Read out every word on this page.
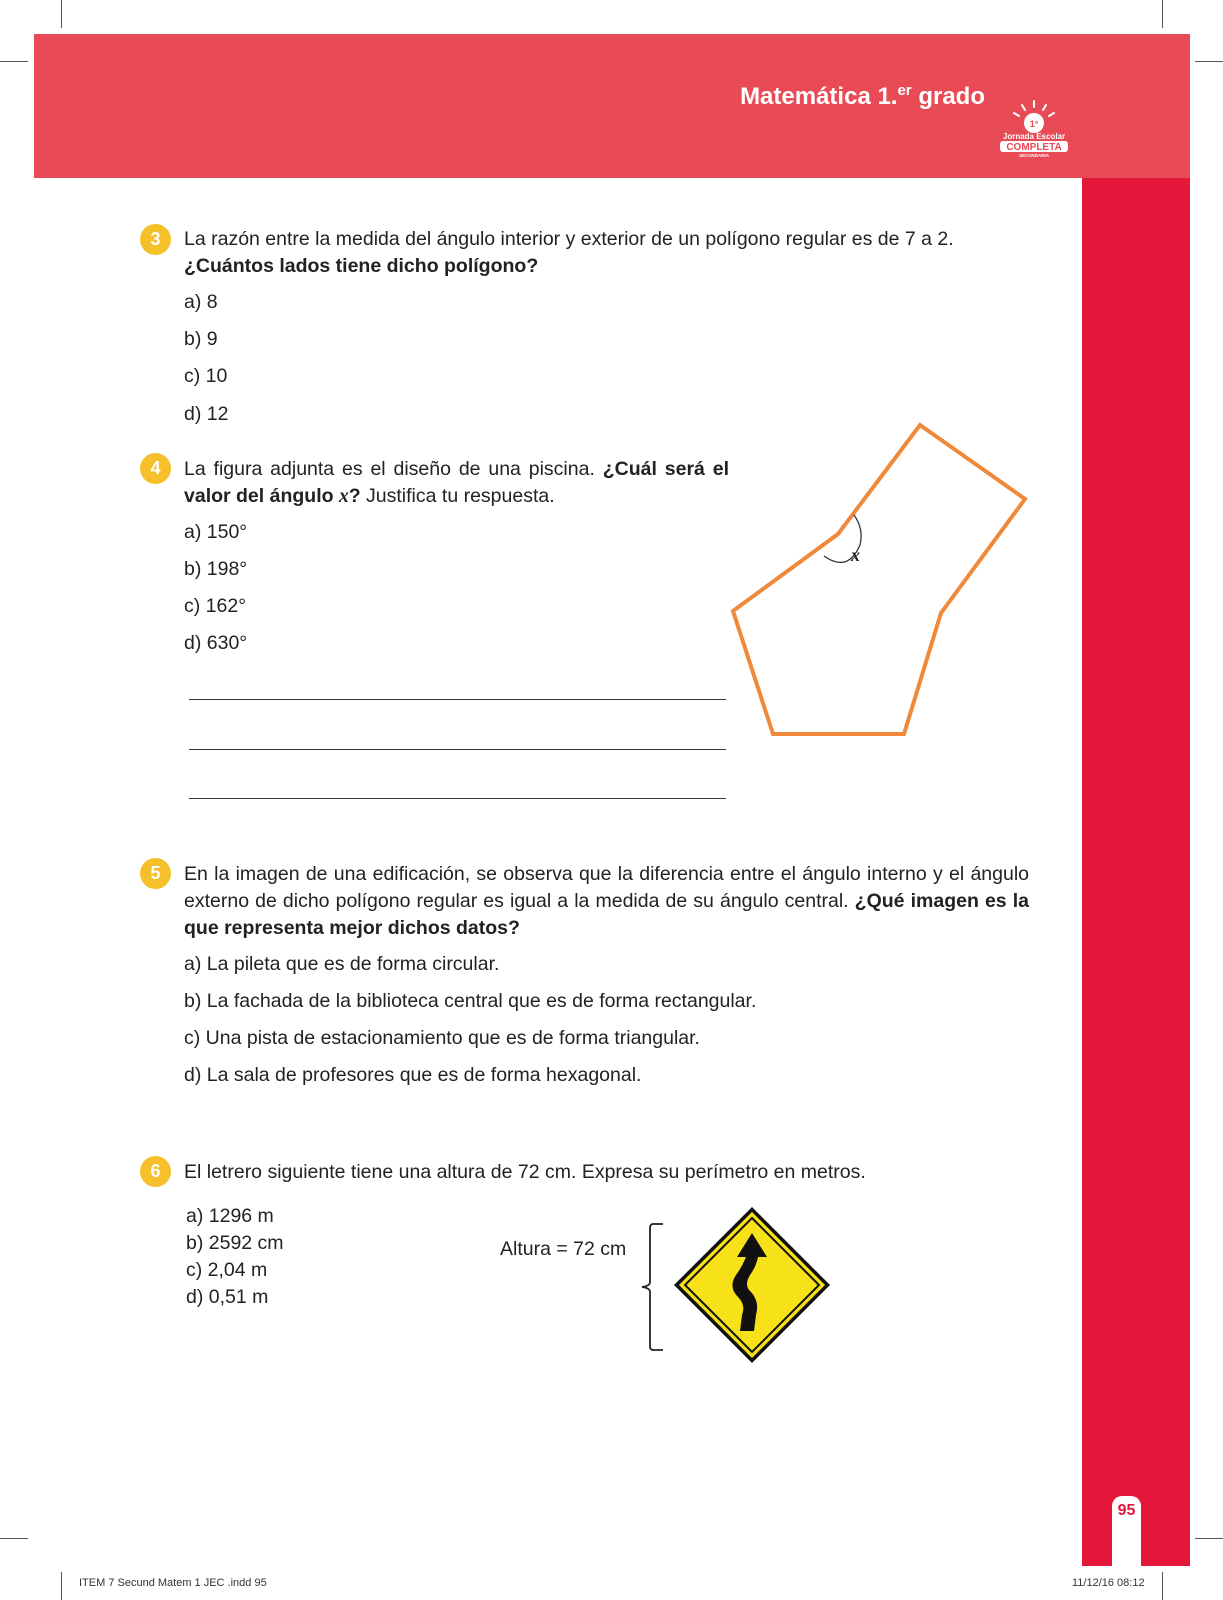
Matemática 1.$^{er}$ grado
1°
Jornada Escolar
COMPLETA
SECUNDARIA
95
3	La razón entre la medida del ángulo interior y exterior de un polígono regular es de 7 a 2. ¿Cuántos lados tiene dicho polígono?
a) 8
b) 9
c) 10
d) 12
4	La figura adjunta es el diseño de una piscina. ¿Cuál será el valor del ángulo x? Justifica tu respuesta.
a) 150°
b) 198°
c) 162°
d) 630°
x
5	En la imagen de una edificación, se observa que la diferencia entre el ángulo interno y el ángulo externo de dicho polígono regular es igual a la medida de su ángulo central. ¿Qué imagen es la que representa mejor dichos datos?
a) La pileta que es de forma circular.
b) La fachada de la biblioteca central que es de forma rectangular.
c) Una pista de estacionamiento que es de forma triangular.
d) La sala de profesores que es de forma hexagonal.
6	El letrero siguiente tiene una altura de 72 cm. Expresa su perímetro en metros.
a) 1296 m
b) 2592 cm
c) 2,04 m
d) 0,51 m
Altura = 72 cm
ITEM 7 Secund Matem 1 JEC .indd 95	11/12/16 08:12
